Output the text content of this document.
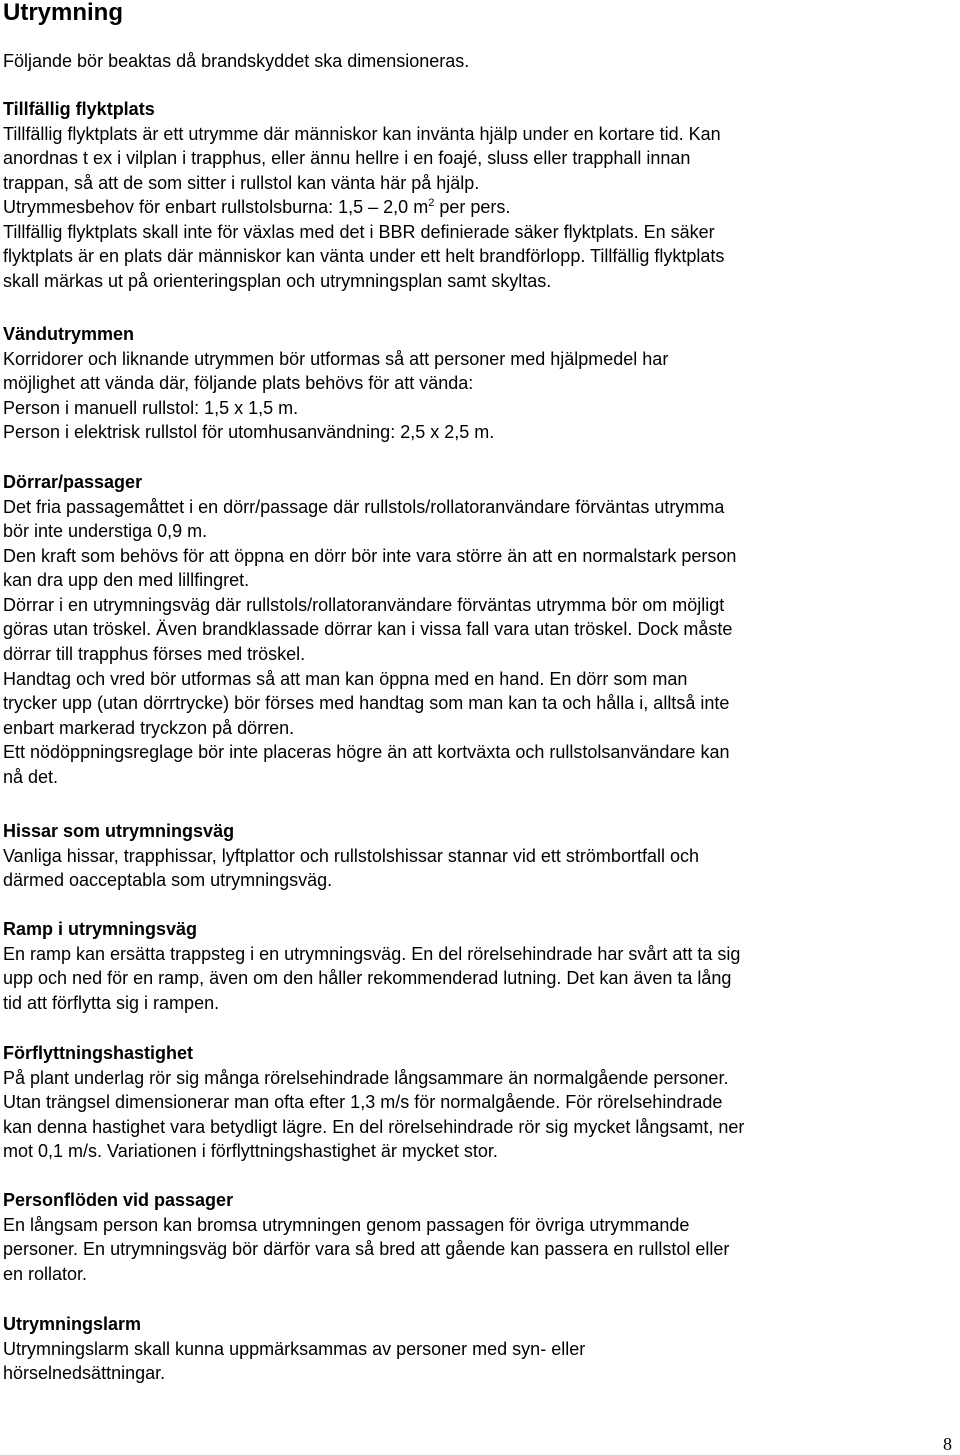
Utrymning

Följande bör beaktas då brandskyddet ska dimensioneras.

Tillfällig flyktplats

Tillfällig flyktplats är ett utrymme där människor kan invänta hjälp under en kortare tid. Kan
anordnas t ex i vilplan i trapphus, eller ännu hellre i en foajé, sluss eller trapphall innan
trappan, så att de som sitter i rullstol kan vänta här på hjälp.
Utrymmesbehov för enbart rullstolsburna: 1,5 – 2,0 $m^2$ per pers.

Tillfällig flyktplats skall inte för växlas med det i BBR definierade säker flyktplats. En säker
flyktplats är en plats där människor kan vänta under ett helt brandförlopp. Tillfällig flyktplats
skall märkas ut på orienteringsplan och utrymningsplan samt skyltas.

Vändutrymmen

Korridorer och liknande utrymmen bör utformas så att personer med hjälpmedel har
möjlighet att vända där, följande plats behövs för att vända:
Person i manuell rullstol: 1,5 x 1,5 m.
Person i elektrisk rullstol för utomhusanvändning: 2,5 x 2,5 m.

Dörrar/passager

Det fria passagemåttet i en dörr/passage där rullstols/rollatoranvändare förväntas utrymma
bör inte understiga 0,9 m.
Den kraft som behövs för att öppna en dörr bör inte vara större än att en normalstark person
kan dra upp den med lillfingret.
Dörrar i en utrymningsväg där rullstols/rollatoranvändare förväntas utrymma bör om möjligt
göras utan tröskel. Även brandklassade dörrar kan i vissa fall vara utan tröskel. Dock måste
dörrar till trapphus förses med tröskel.
Handtag och vred bör utformas så att man kan öppna med en hand. En dörr som man
trycker upp (utan dörrtrycke) bör förses med handtag som man kan ta och hålla i, alltså inte
enbart markerad tryckzon på dörren.
Ett nödöppningsreglage bör inte placeras högre än att kortväxta och rullstolsanvändare kan
nå det.

Hissar som utrymningsväg

Vanliga hissar, trapphissar, lyftplattor och rullstolshissar stannar vid ett strömbortfall och
därmed oacceptabla som utrymningsväg.

Ramp i utrymningsväg

En ramp kan ersätta trappsteg i en utrymningsväg. En del rörelsehindrade har svårt att ta sig
upp och ned för en ramp, även om den håller rekommenderad lutning. Det kan även ta lång
tid att förflytta sig i rampen.

Förflyttningshastighet

På plant underlag rör sig många rörelsehindrade långsammare än normalgående personer.
Utan trängsel dimensionerar man ofta efter 1,3 m/s för normalgående. För rörelsehindrade
kan denna hastighet vara betydligt lägre. En del rörelsehindrade rör sig mycket långsamt, ner
mot 0,1 m/s. Variationen i förflyttningshastighet är mycket stor.

Personflöden vid passager

En långsam person kan bromsa utrymningen genom passagen för övriga utrymmande
personer. En utrymningsväg bör därför vara så bred att gående kan passera en rullstol eller
en rollator.

Utrymningslarm

Utrymningslarm skall kunna uppmärksammas av personer med syn- eller
hörselnedsättningar.

8
